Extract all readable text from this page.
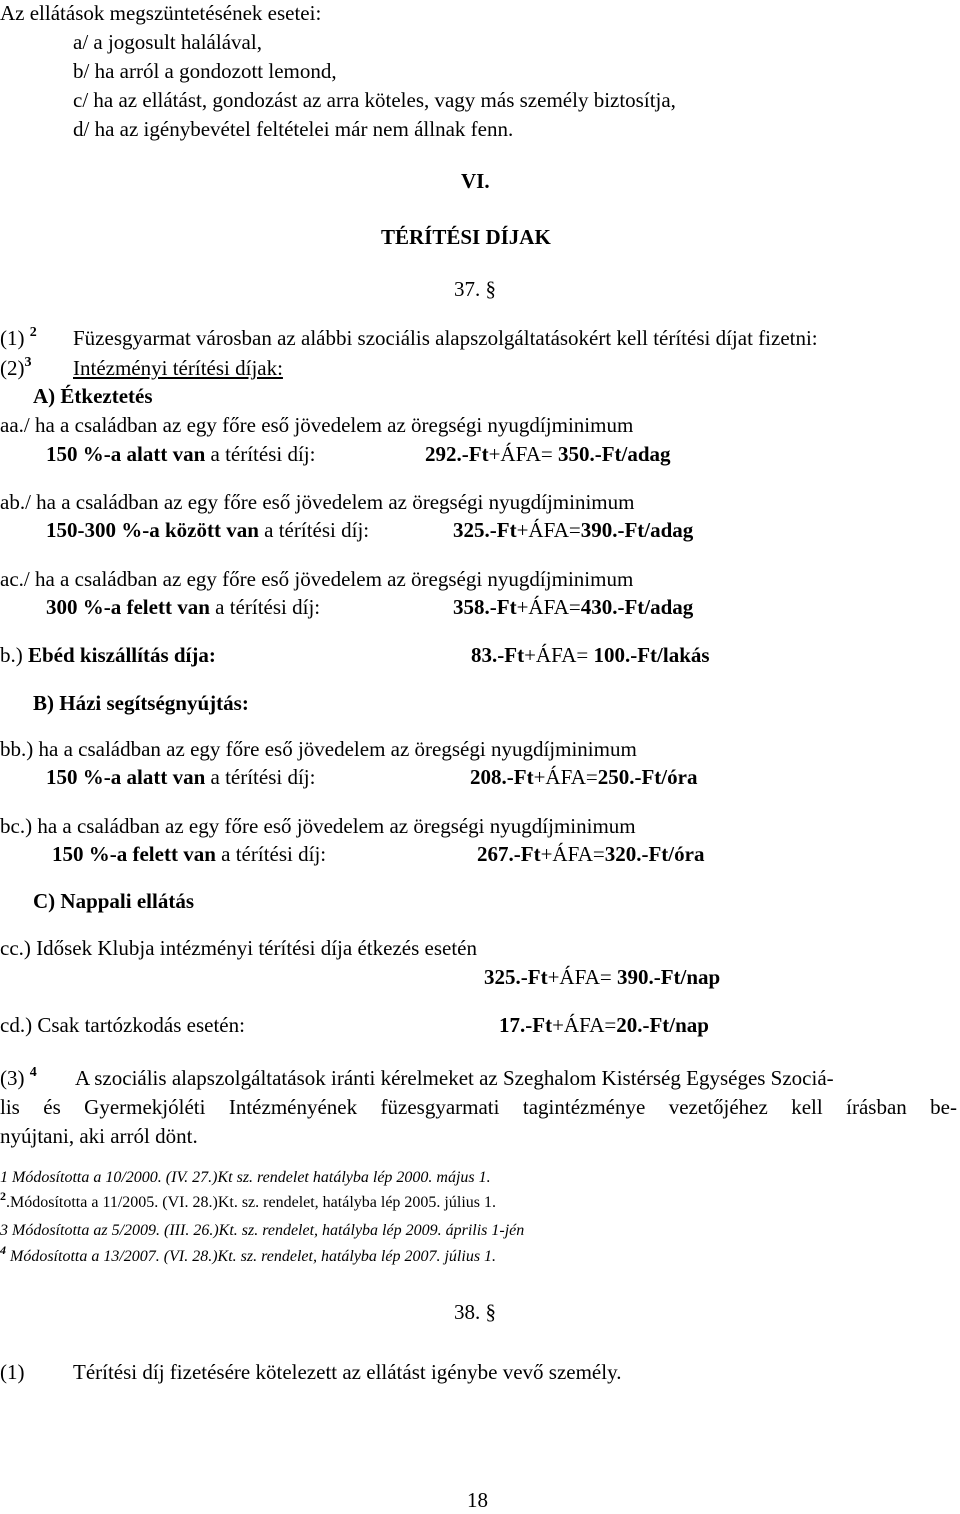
Az ellátások megszüntetésének esetei:
a/ a jogosult halálával,
b/ ha arról a gondozott lemond,
c/ ha az ellátást, gondozást az arra köteles, vagy más személy biztosítja,
d/ ha az igénybevétel feltételei már nem állnak fenn.
VI.
TÉRÍTÉSI DÍJAK
37. §
(1) $^2$ Füzesgyarmat városban az alábbi szociális alapszolgáltatásokért kell térítési díjat fizetni:
$(2)^3$ Intézményi térítési díjak:
A) Étkeztetés
aa./ ha a családban az egy főre eső jövedelem az öregségi nyugdíjminimum
150 %-a alatt van a térítési díj:	292.-Ft+ÁFA= 350.-Ft/adag
ab./ ha a családban az egy főre eső jövedelem az öregségi nyugdíjminimum
150-300 %-a között van a térítési díj:	325.-Ft+ÁFA=390.-Ft/adag
ac./ ha a családban az egy főre eső jövedelem az öregségi nyugdíjminimum
300 %-a felett van a térítési díj:	358.-Ft+ÁFA=430.-Ft/adag
b.) Ebéd kiszállítás díja:	83.-Ft+ÁFA= 100.-Ft/lakás
B) Házi segítségnyújtás:
bb.) ha a családban az egy főre eső jövedelem az öregségi nyugdíjminimum
150 %-a alatt van a térítési díj:	208.-Ft+ÁFA=250.-Ft/óra
bc.) ha a családban az egy főre eső jövedelem az öregségi nyugdíjminimum
150 %-a felett van a térítési díj:	267.-Ft+ÁFA=320.-Ft/óra
C) Nappali ellátás
cc.) Idősek Klubja intézményi térítési díja étkezés esetén
325.-Ft+ÁFA= 390.-Ft/nap
cd.) Csak tartózkodás esetén:	17.-Ft+ÁFA=20.-Ft/nap
(3) $^4$ A szociális alapszolgáltatások iránti kérelmeket az Szeghalom Kistérség Egységes Szociá-
lis és Gyermekjóléti Intézményének füzesgyarmati tagintézménye vezetőjéhez kell írásban be-
nyújtani, aki arról dönt.
1 Módosította a 10/2000. (IV. 27.)Kt sz. rendelet hatályba lép 2000. május 1.
$^2$.Módosította a 11/2005. (VI. 28.)Kt. sz. rendelet, hatályba lép 2005. július 1.
3 Módosította az 5/2009. (III. 26.)Kt. sz. rendelet, hatályba lép 2009. április 1-jén
$^4$ Módosította a 13/2007. (VI. 28.)Kt. sz. rendelet, hatályba lép 2007. július 1.
38. §
(1) Térítési díj fizetésére kötelezett az ellátást igénybe vevő személy.
18
